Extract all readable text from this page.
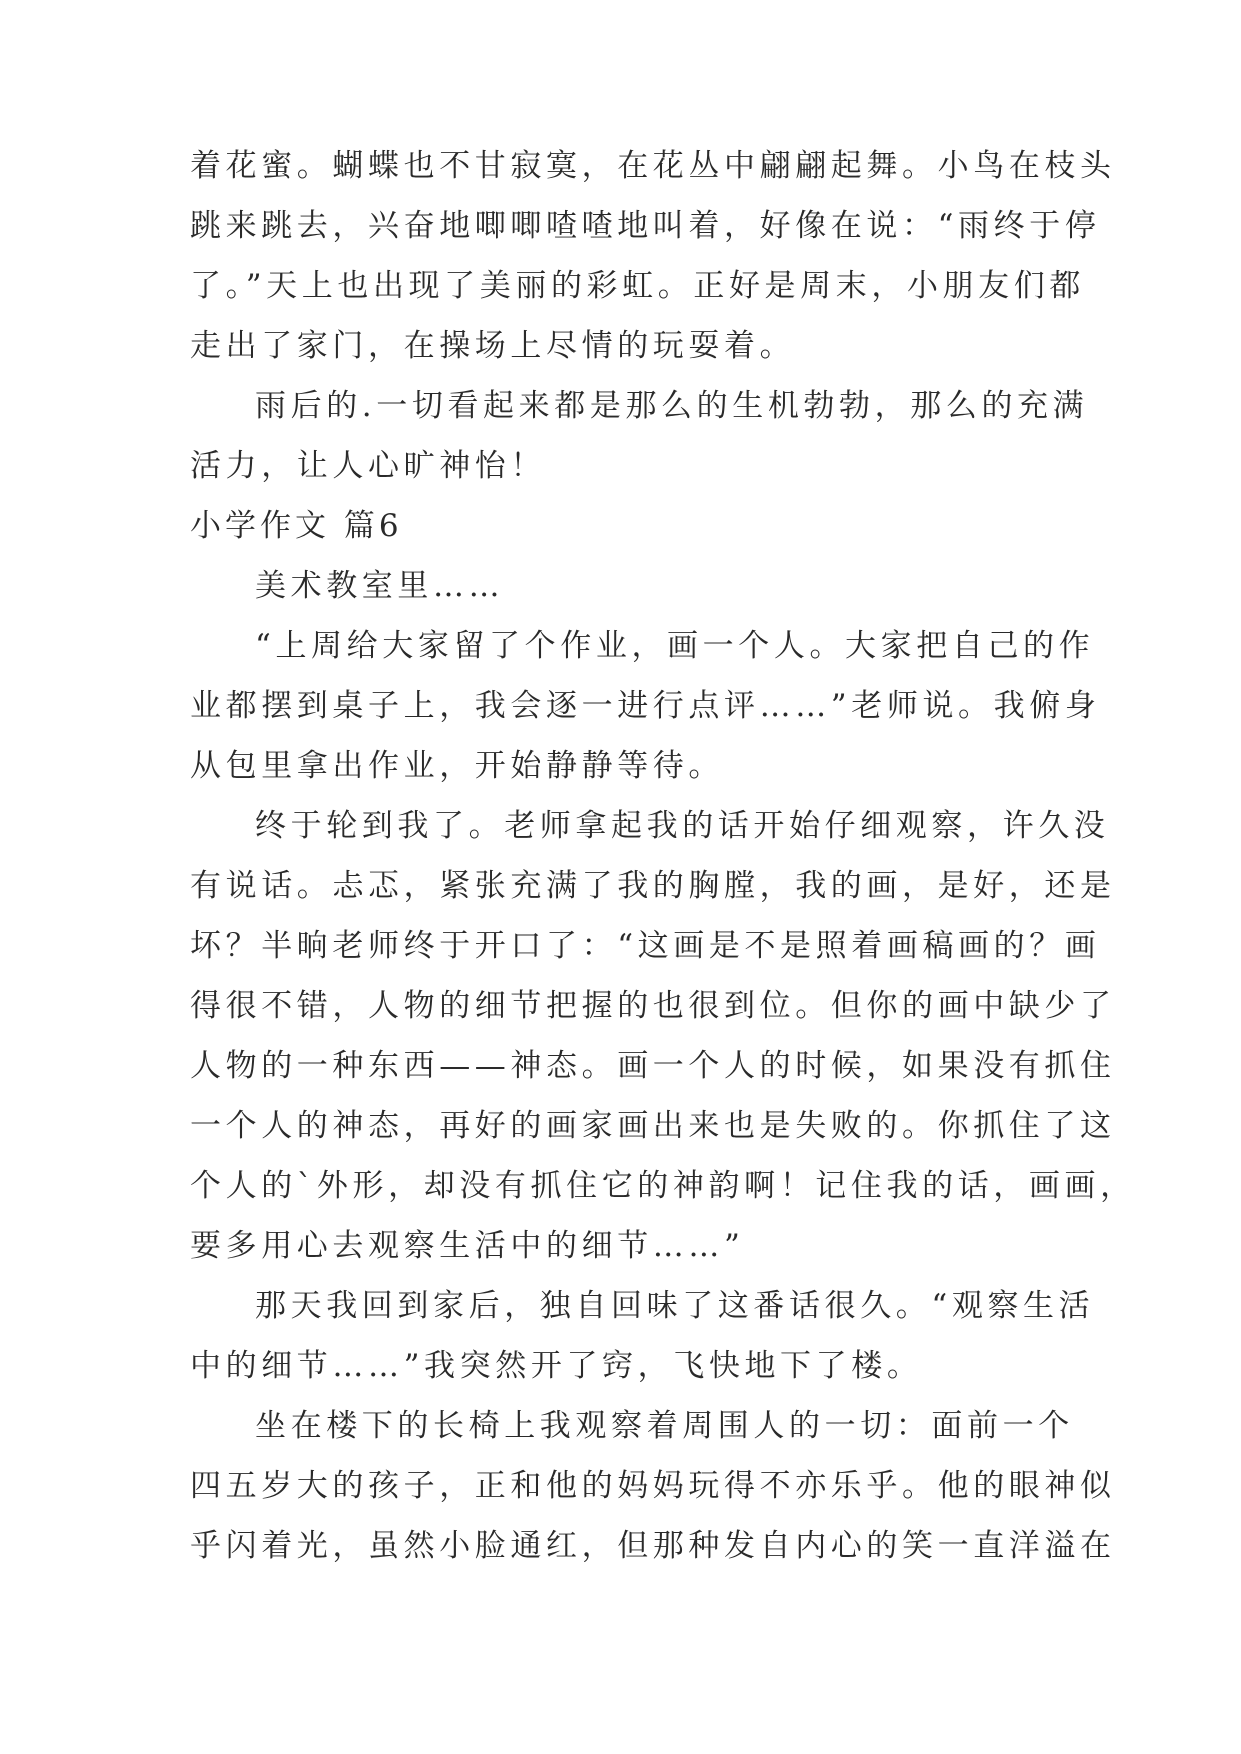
着花蜜。蝴蝶也不甘寂寞，在花丛中翩翩起舞。小鸟在枝头
跳来跳去，兴奋地唧唧喳喳地叫着，好像在说：“雨终于停
了。”天上也出现了美丽的彩虹。正好是周末，小朋友们都
走出了家门，在操场上尽情的玩耍着。
雨后的.一切看起来都是那么的生机勃勃，那么的充满
活力，让人心旷神怡！
小学作文 篇6
美术教室里……
“上周给大家留了个作业，画一个人。大家把自己的作
业都摆到桌子上，我会逐一进行点评……”老师说。我俯身
从包里拿出作业，开始静静等待。
终于轮到我了。老师拿起我的话开始仔细观察，许久没
有说话。忐忑，紧张充满了我的胸膛，我的画，是好，还是
坏？半晌老师终于开口了：“这画是不是照着画稿画的？画
得很不错，人物的细节把握的也很到位。但你的画中缺少了
人物的一种东西——神态。画一个人的时候，如果没有抓住
一个人的神态，再好的画家画出来也是失败的。你抓住了这
个人的`外形，却没有抓住它的神韵啊！记住我的话，画画，
要多用心去观察生活中的细节……”
那天我回到家后，独自回味了这番话很久。“观察生活
中的细节……”我突然开了窍，飞快地下了楼。
坐在楼下的长椅上我观察着周围人的一切：面前一个
四五岁大的孩子，正和他的妈妈玩得不亦乐乎。他的眼神似
乎闪着光，虽然小脸通红，但那种发自内心的笑一直洋溢在
